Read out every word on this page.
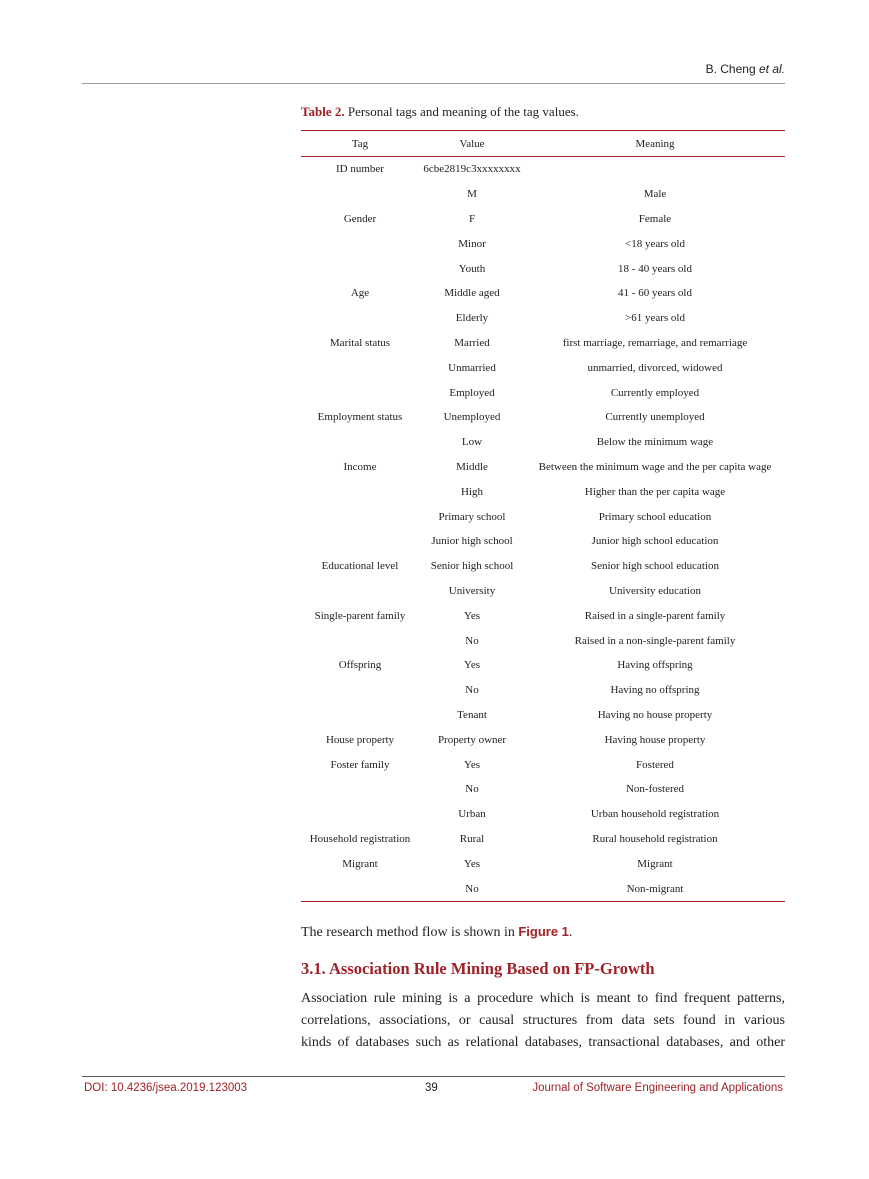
B. Cheng et al.
Table 2. Personal tags and meaning of the tag values.
Tag	Value	Meaning
ID number	6cbe2819c3xxxxxxxx	
	M	Male
Gender	F	Female
	Minor	<18 years old
	Youth	18 - 40 years old
Age	Middle aged	41 - 60 years old
	Elderly	>61 years old
Marital status	Married	first marriage, remarriage, and remarriage
	Unmarried	unmarried, divorced, widowed
	Employed	Currently employed
Employment status	Unemployed	Currently unemployed
	Low	Below the minimum wage
Income	Middle	Between the minimum wage and the per capita wage
	High	Higher than the per capita wage
	Primary school	Primary school education
	Junior high school	Junior high school education
Educational level	Senior high school	Senior high school education
	University	University education
Single-parent family	Yes	Raised in a single-parent family
	No	Raised in a non-single-parent family
Offspring	Yes	Having offspring
	No	Having no offspring
	Tenant	Having no house property
House property	Property owner	Having house property
Foster family	Yes	Fostered
	No	Non-fostered
	Urban	Urban household registration
Household registration	Rural	Rural household registration
Migrant	Yes	Migrant
	No	Non-migrant
The research method flow is shown in Figure 1.
3.1. Association Rule Mining Based on FP-Growth
Association rule mining is a procedure which is meant to find frequent patterns,
correlations, associations, or causal structures from data sets found in various
kinds of databases such as relational databases, transactional databases, and other
DOI: 10.4236/jsea.2019.123003	39	Journal of Software Engineering and Applications
